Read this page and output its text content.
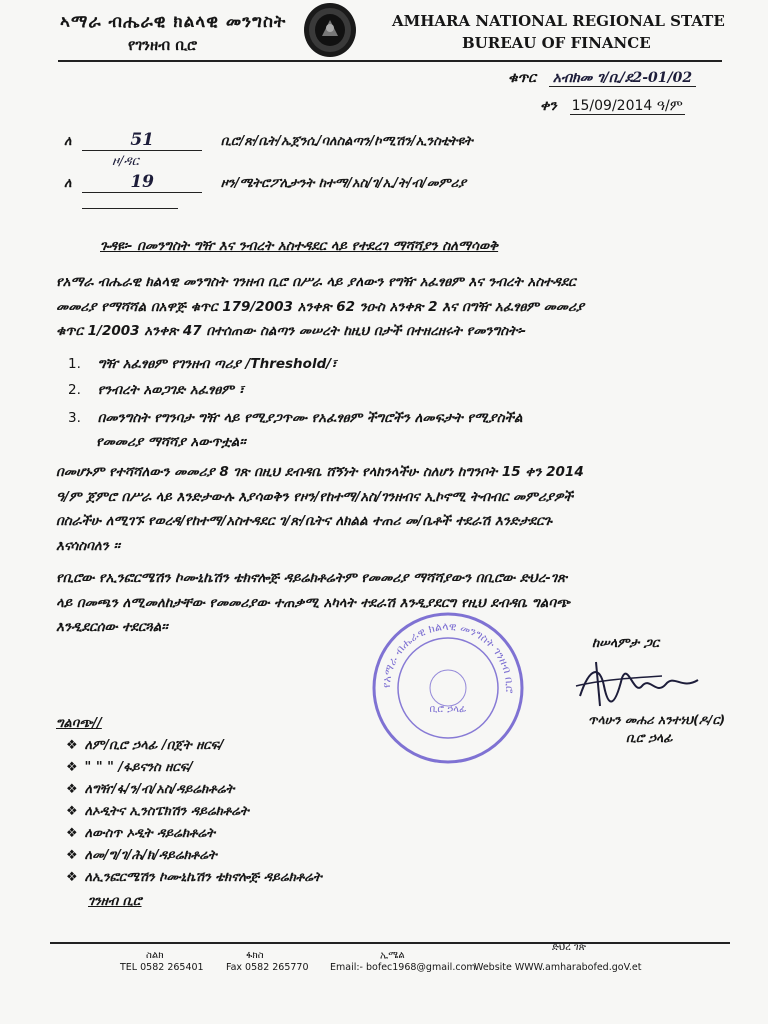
ኣማራ ብሔራዊ ክልላዊ መንግስት
የገንዘብ ቢሮ
AMHARA NATIONAL REGIONAL STATE
BUREAU OF FINANCE
ቁጥር አብክመ ገ/ቢ/ደ2-01/02
ቀን 15/09/2014 ዓ/ም
ለ	51	ቢሮ/ጽ/ቤት/ኤጀንሲ/ባለስልጣን/ኮሚሽን/ኢንስቲትዩት
ዞ/ዳር
ለ	19	ዞን/ሜትሮፖሊታንት ከተማ/አስ/ገ/ኢ/ት/ብ/መምሪያ
ጉዳዩ፡- በመንግስት ግዥ እና ንብረት አስተዳደር ላይ የተደረገ ማሻሻያን ስለማሳወቅ
የአማራ ብሔራዊ ክልላዊ መንግስት ገንዘብ ቢሮ በሥራ ላይ ያለውን የግዥ አፈፃፀም እና ንብረት አስተዳደር
መመሪያ የማሻሻል በአዋጅ ቁጥር 179/2003 አንቀጽ 62 ንዑስ አንቀጽ 2 እና በግዥ አፈፃፀም መመሪያ
ቁጥር 1/2003 አንቀጽ 47 በተሰጠው ስልጣን መሠረት ከዚህ በታች በተዘረዘሩት የመንግስት፡-
1. ግዥ አፈፃፀም የገንዘብ ጣሪያ /Threshold/፣
2. የንብረት አወጋገድ አፈፃፀም ፣
3. በመንግስት የግንባታ ግዥ ላይ የሚያጋጥሙ የአፈፃፀም ችግሮችን ለመፍታት የሚያስችል
የመመሪያ ማሻሻያ አውጥቷል፡፡
በመሆኑም የተሻሻለውን መመሪያ 8 ገጽ በዚህ ደብዳቤ ሸኝነት የላክንላችሁ ስለሆነ ከግንቦት 15 ቀን 2014
ዓ/ም ጀምሮ በሥራ ላይ እንድታውሉ እያሳወቅን የዞን/የከተማ/አስ/ገንዘብና ኢኮኖሚ ትብብር መምሪያዎች
በስራችሁ ለሚገኙ የወረዳ/የከተማ/አስተዳደር ገ/ጽ/ቤትና ለክልል ተጠሪ መ/ቤቶች ተደራሽ እንድታደርጉ
እናሳስባለን ፡፡
የቢሮው የኢንፎርሜሽን ኮሙኒኬሽን ቴክኖሎጅ ዳይሬክቶሬትም የመመሪያ ማሻሻያውን በቢሮው ድህረ-ገጽ
ላይ በመጫን ለሚመለከታቸው የመመሪያው ተጠቃሚ አካላት ተደራሽ እንዲያደርግ የዚህ ደብዳቤ ግልባጭ
እንዲደርሰው ተደርጓል፡፡
የአማራ ብሔራዊ ክልላዊ መንግስት ገንዘብ ቢሮ
ቢሮ ኃላፊ
ከሠላምታ ጋር
ጥላሁን መሐሪ አንተነህ(ዶ/ር)
ቢሮ ኃላፊ
ግልባጭ//
❖ ለም/ቢሮ ኃላፊ /በጀት ዘርፍ/
❖ " " " /ፋይናንስ ዘርፍ/
❖ ለግዥ/ፋ/ን/ብ/አስ/ዳይሬክቶሬት
❖ ለኦዲትና ኢንስፔክሽን ዳይሬክቶሬት
❖ ለውስጥ ኦዲት ዳይሬክቶሬት
❖ ለመ/ግ/ገ/ሕ/ክ/ዳይሬክቶሬት
❖ ለኢንፎርሜሽን ኮሙኒኬሽን ቴክኖሎጅ ዳይሬክቶሬት
ገንዘብ ቢሮ
ስልክ
TEL 0582 265401
ፋክስ
Fax 0582 265770
ኢሜል
Email:- bofec1968@gmail.com
ድህረ ገጽ
Website WWW.amharabofed.goV.et
